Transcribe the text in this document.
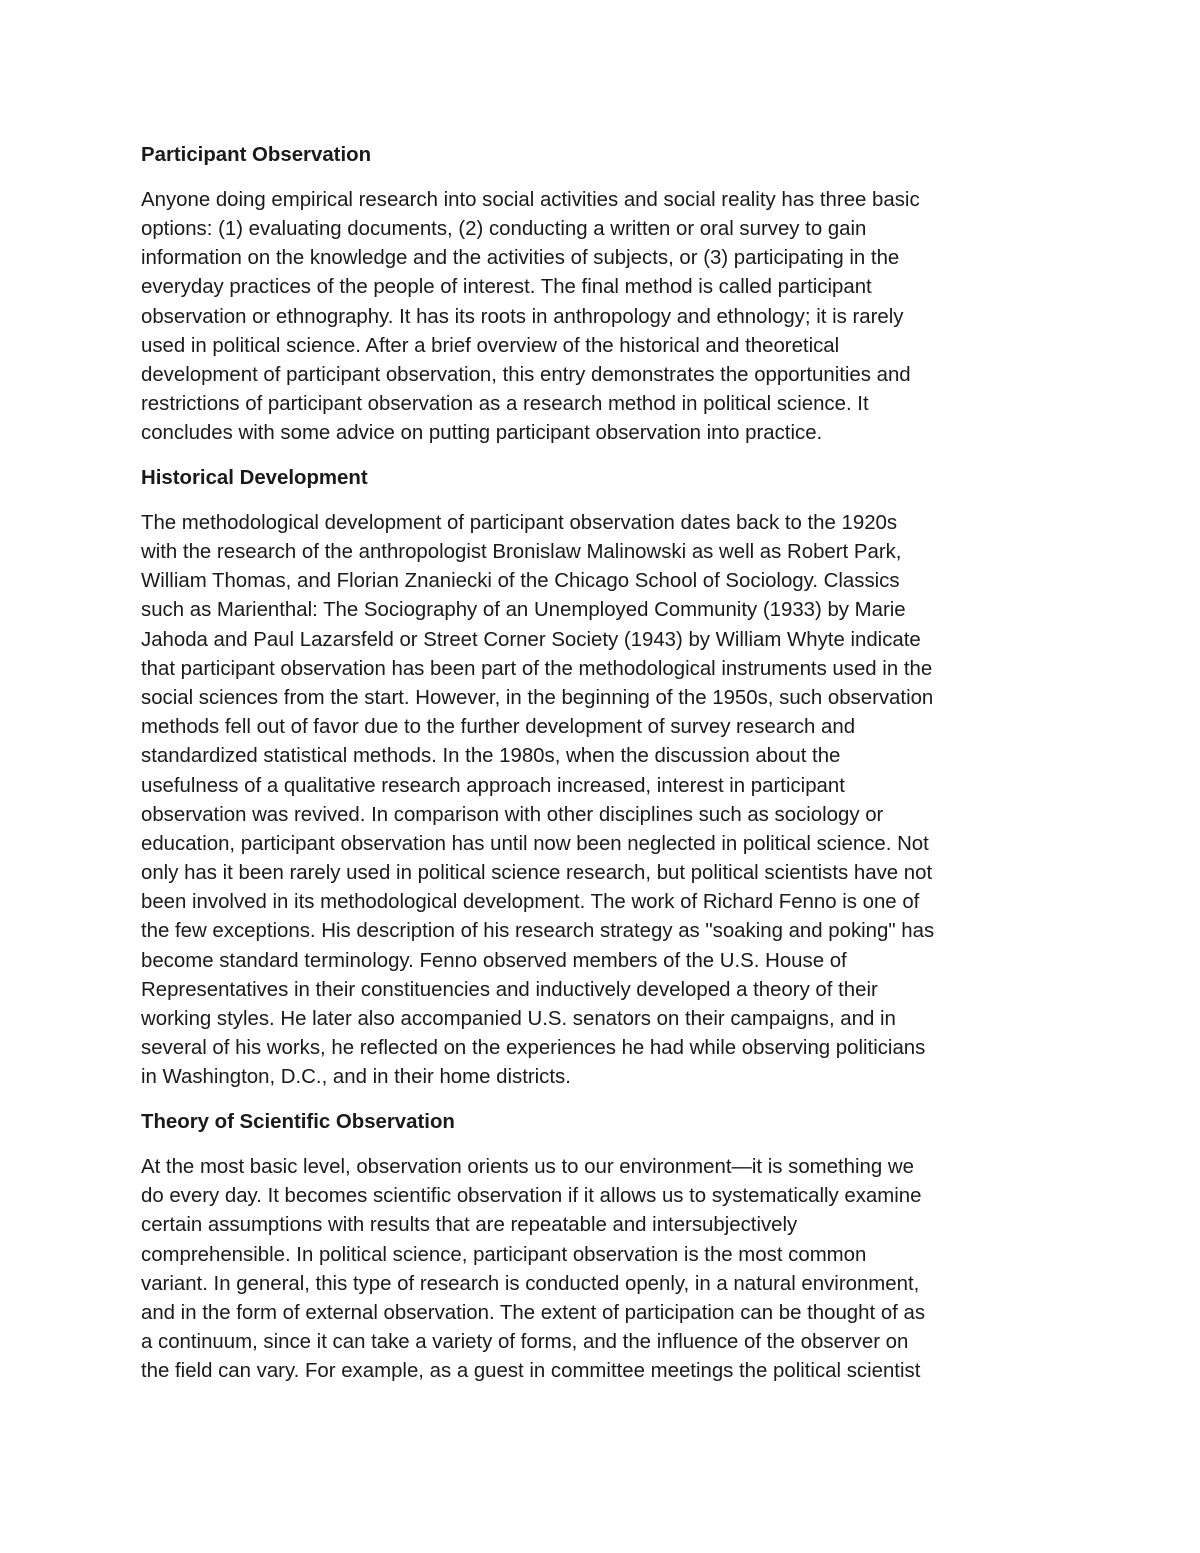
Participant Observation
Anyone doing empirical research into social activities and social reality has three basic
options: (1) evaluating documents, (2) conducting a written or oral survey to gain
information on the knowledge and the activities of subjects, or (3) participating in the
everyday practices of the people of interest. The final method is called participant
observation or ethnography. It has its roots in anthropology and ethnology; it is rarely
used in political science. After a brief overview of the historical and theoretical
development of participant observation, this entry demonstrates the opportunities and
restrictions of participant observation as a research method in political science. It
concludes with some advice on putting participant observation into practice.
Historical Development
The methodological development of participant observation dates back to the 1920s
with the research of the anthropologist Bronislaw Malinowski as well as Robert Park,
William Thomas, and Florian Znaniecki of the Chicago School of Sociology. Classics
such as Marienthal: The Sociography of an Unemployed Community (1933) by Marie
Jahoda and Paul Lazarsfeld or Street Corner Society (1943) by William Whyte indicate
that participant observation has been part of the methodological instruments used in the
social sciences from the start. However, in the beginning of the 1950s, such observation
methods fell out of favor due to the further development of survey research and
standardized statistical methods. In the 1980s, when the discussion about the
usefulness of a qualitative research approach increased, interest in participant
observation was revived. In comparison with other disciplines such as sociology or
education, participant observation has until now been neglected in political science. Not
only has it been rarely used in political science research, but political scientists have not
been involved in its methodological development. The work of Richard Fenno is one of
the few exceptions. His description of his research strategy as "soaking and poking" has
become standard terminology. Fenno observed members of the U.S. House of
Representatives in their constituencies and inductively developed a theory of their
working styles. He later also accompanied U.S. senators on their campaigns, and in
several of his works, he reflected on the experiences he had while observing politicians
in Washington, D.C., and in their home districts.
Theory of Scientific Observation
At the most basic level, observation orients us to our environment—it is something we
do every day. It becomes scientific observation if it allows us to systematically examine
certain assumptions with results that are repeatable and intersubjectively
comprehensible. In political science, participant observation is the most common
variant. In general, this type of research is conducted openly, in a natural environment,
and in the form of external observation. The extent of participation can be thought of as
a continuum, since it can take a variety of forms, and the influence of the observer on
the field can vary. For example, as a guest in committee meetings the political scientist
